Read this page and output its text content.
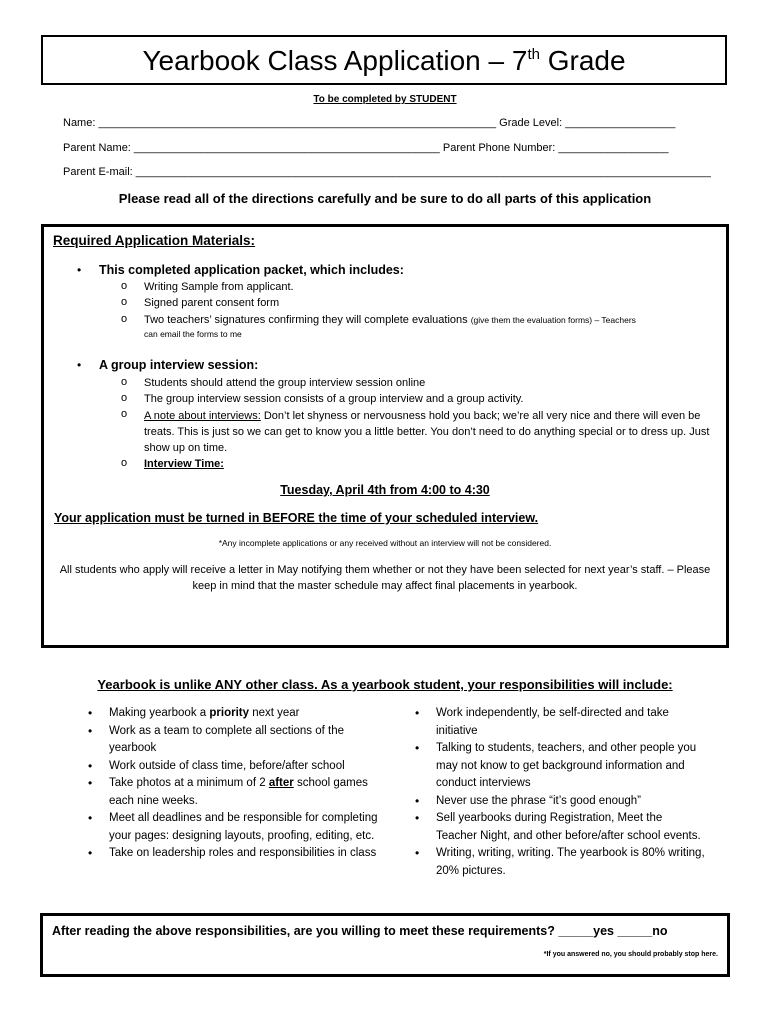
Yearbook Class Application – 7th Grade
To be completed by STUDENT
Name: _________________________________________________________________ Grade Level: __________________
Parent Name: __________________________________________________ Parent Phone Number: __________________
Parent E-mail: ______________________________________________________________________________________________
Please read all of the directions carefully and be sure to do all parts of this application
Required Application Materials:
• This completed application packet, which includes:
o Writing Sample from applicant.
o Signed parent consent form
o Two teachers’ signatures confirming they will complete evaluations (give them the evaluation forms) – Teachers
can email the forms to me
• A group interview session:
o Students should attend the group interview session online
o The group interview session consists of a group interview and a group activity.
o A note about interviews: Don’t let shyness or nervousness hold you back; we’re all very nice and there will even be treats. This is just so we can get to know you a little better. You don’t need to do anything special or to dress up. Just show up on time.
o Interview Time:
Tuesday, April 4th from 4:00 to 4:30
Your application must be turned in BEFORE the time of your scheduled interview.
*Any incomplete applications or any received without an interview will not be considered.
All students who apply will receive a letter in May notifying them whether or not they have been selected for next year’s staff. – Please keep in mind that the master schedule may affect final placements in yearbook.
Yearbook is unlike ANY other class. As a yearbook student, your responsibilities will include:
• Making yearbook a priority next year
• Work as a team to complete all sections of the yearbook
• Work outside of class time, before/after school
• Take photos at a minimum of 2 after school games each nine weeks.
• Meet all deadlines and be responsible for completing your pages: designing layouts, proofing, editing, etc.
• Take on leadership roles and responsibilities in class
• Work independently, be self-directed and take initiative
• Talking to students, teachers, and other people you may not know to get background information and conduct interviews
• Never use the phrase “it’s good enough”
• Sell yearbooks during Registration, Meet the Teacher Night, and other before/after school events.
• Writing, writing, writing. The yearbook is 80% writing, 20% pictures.
After reading the above responsibilities, are you willing to meet these requirements? _____yes _____no
*If you answered no, you should probably stop here.
